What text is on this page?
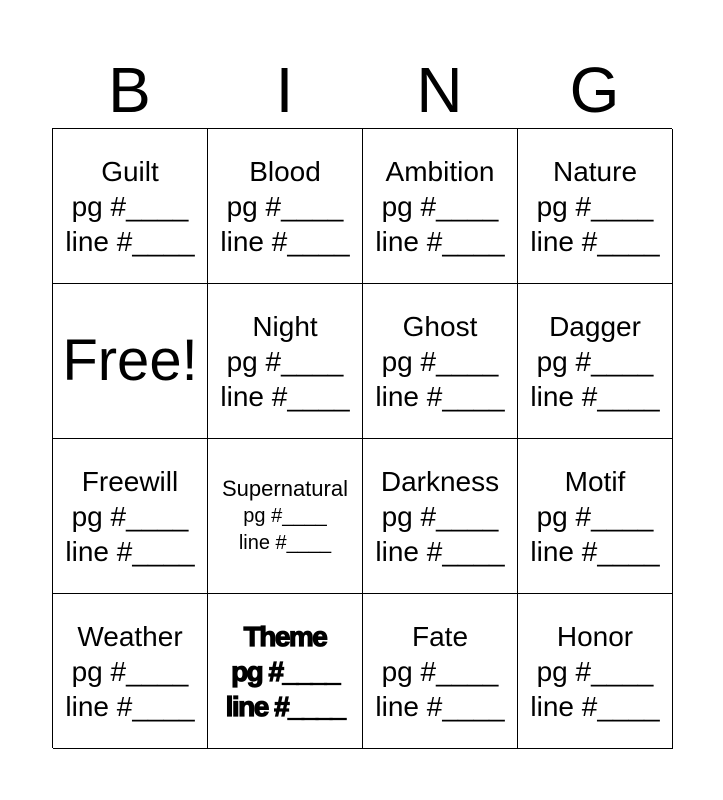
B	I	N	G
Guilt
pg #____
line #____
Blood
pg #____
line #____
Ambition
pg #____
line #____
Nature
pg #____
line #____
Free!
Night
pg #____
line #____
Ghost
pg #____
line #____
Dagger
pg #____
line #____
Freewill
pg #____
line #____
Supernatural
pg #____
line #____
Darkness
pg #____
line #____
Motif
pg #____
line #____
Weather
pg #____
line #____
Theme
pg #____
line #____
Fate
pg #____
line #____
Honor
pg #____
line #____
